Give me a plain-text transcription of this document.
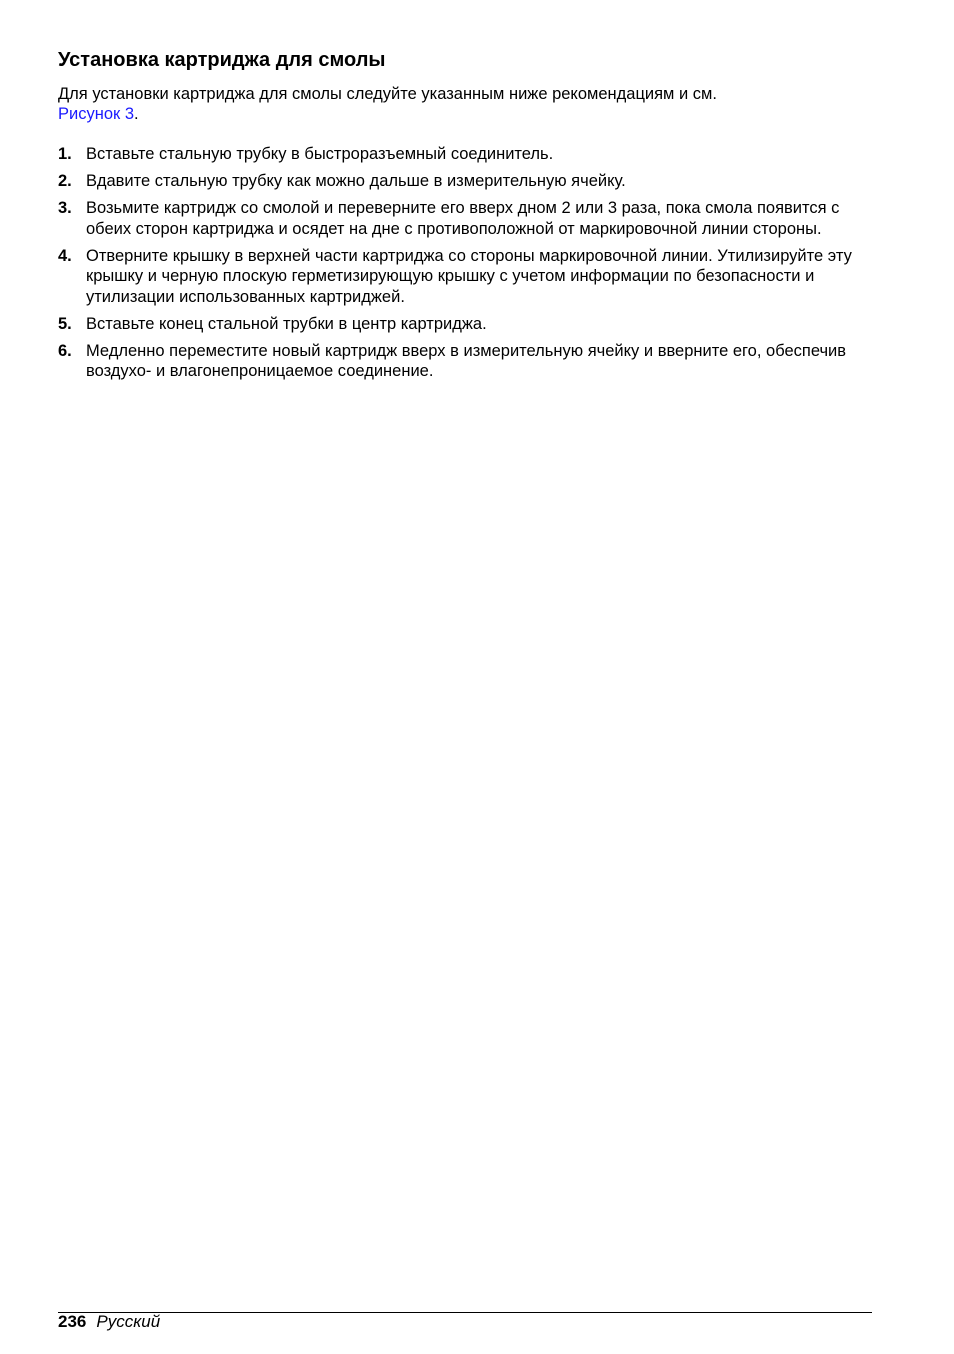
Установка картриджа для смолы

Для установки картриджа для смолы следуйте указанным ниже рекомендациям и см.
Рисунок 3.

1. Вставьте стальную трубку в быстроразъемный соединитель.
2. Вдавите стальную трубку как можно дальше в измерительную ячейку.
3. Возьмите картридж со смолой и переверните его вверх дном 2 или 3 раза, пока смола появится с обеих сторон картриджа и осядет на дне с противоположной от маркировочной линии стороны.
4. Отверните крышку в верхней части картриджа со стороны маркировочной линии. Утилизируйте эту крышку и черную плоскую герметизирующую крышку с учетом информации по безопасности и утилизации использованных картриджей.
5. Вставьте конец стальной трубки в центр картриджа.
6. Медленно переместите новый картридж вверх в измерительную ячейку и вверните его, обеспечив воздухо- и влагонепроницаемое соединение.
236 Русский
